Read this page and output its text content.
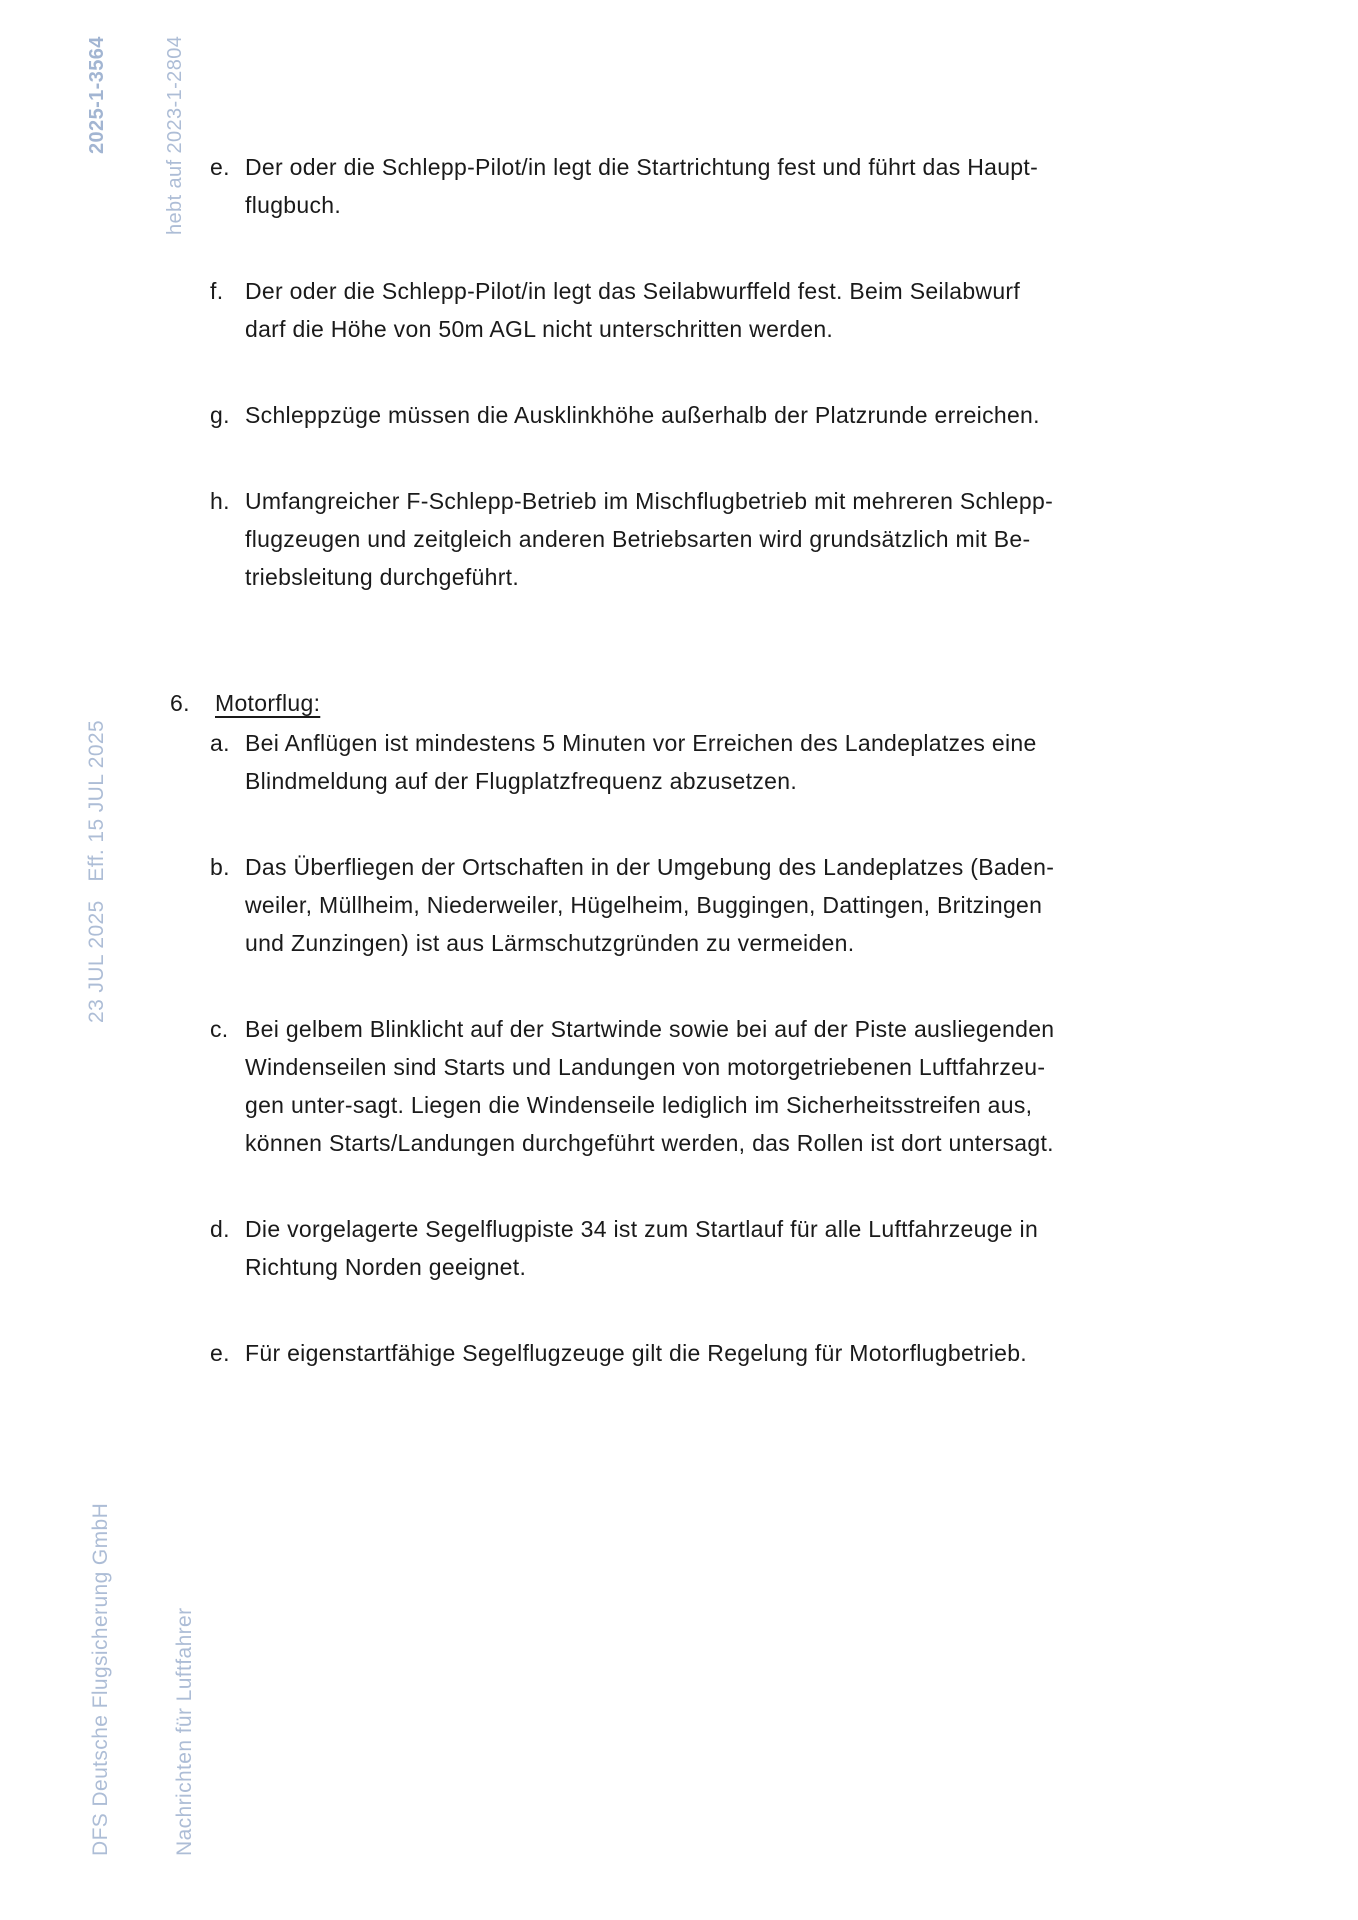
2025-1-3564

	hebt auf 2023-1-2804

23 JUL 2025   Eff. 15 JUL 2025

DFS Deutsche Flugsicherung GmbH

	Nachrichten für Luftfahrer

e. Der oder die Schlepp-Pilot/in legt die Startrichtung fest und führt das Haupt-
flugbuch.
f. Der oder die Schlepp-Pilot/in legt das Seilabwurffeld fest. Beim Seilabwurf
darf die Höhe von 50m AGL nicht unterschritten werden.
g. Schleppzüge müssen die Ausklinkhöhe außerhalb der Platzrunde erreichen.
h. Umfangreicher F-Schlepp-Betrieb im Mischflugbetrieb mit mehreren Schlepp-
flugzeugen und zeitgleich anderen Betriebsarten wird grundsätzlich mit Be-
triebsleitung durchgeführt.
6.	Motorflug:
a. Bei Anflügen ist mindestens 5 Minuten vor Erreichen des Landeplatzes eine
Blindmeldung auf der Flugplatzfrequenz abzusetzen.
b. Das Überfliegen der Ortschaften in der Umgebung des Landeplatzes (Baden-
weiler, Müllheim, Niederweiler, Hügelheim, Buggingen, Dattingen, Britzingen
und Zunzingen) ist aus Lärmschutzgründen zu vermeiden.
c. Bei gelbem Blinklicht auf der Startwinde sowie bei auf der Piste ausliegenden
Windenseilen sind Starts und Landungen von motorgetriebenen Luftfahrzeu-
gen unter-sagt. Liegen die Windenseile lediglich im Sicherheitsstreifen aus,
können Starts/Landungen durchgeführt werden, das Rollen ist dort untersagt.
d. Die vorgelagerte Segelflugpiste 34 ist zum Startlauf für alle Luftfahrzeuge in
Richtung Norden geeignet.
e. Für eigenstartfähige Segelflugzeuge gilt die Regelung für Motorflugbetrieb.
